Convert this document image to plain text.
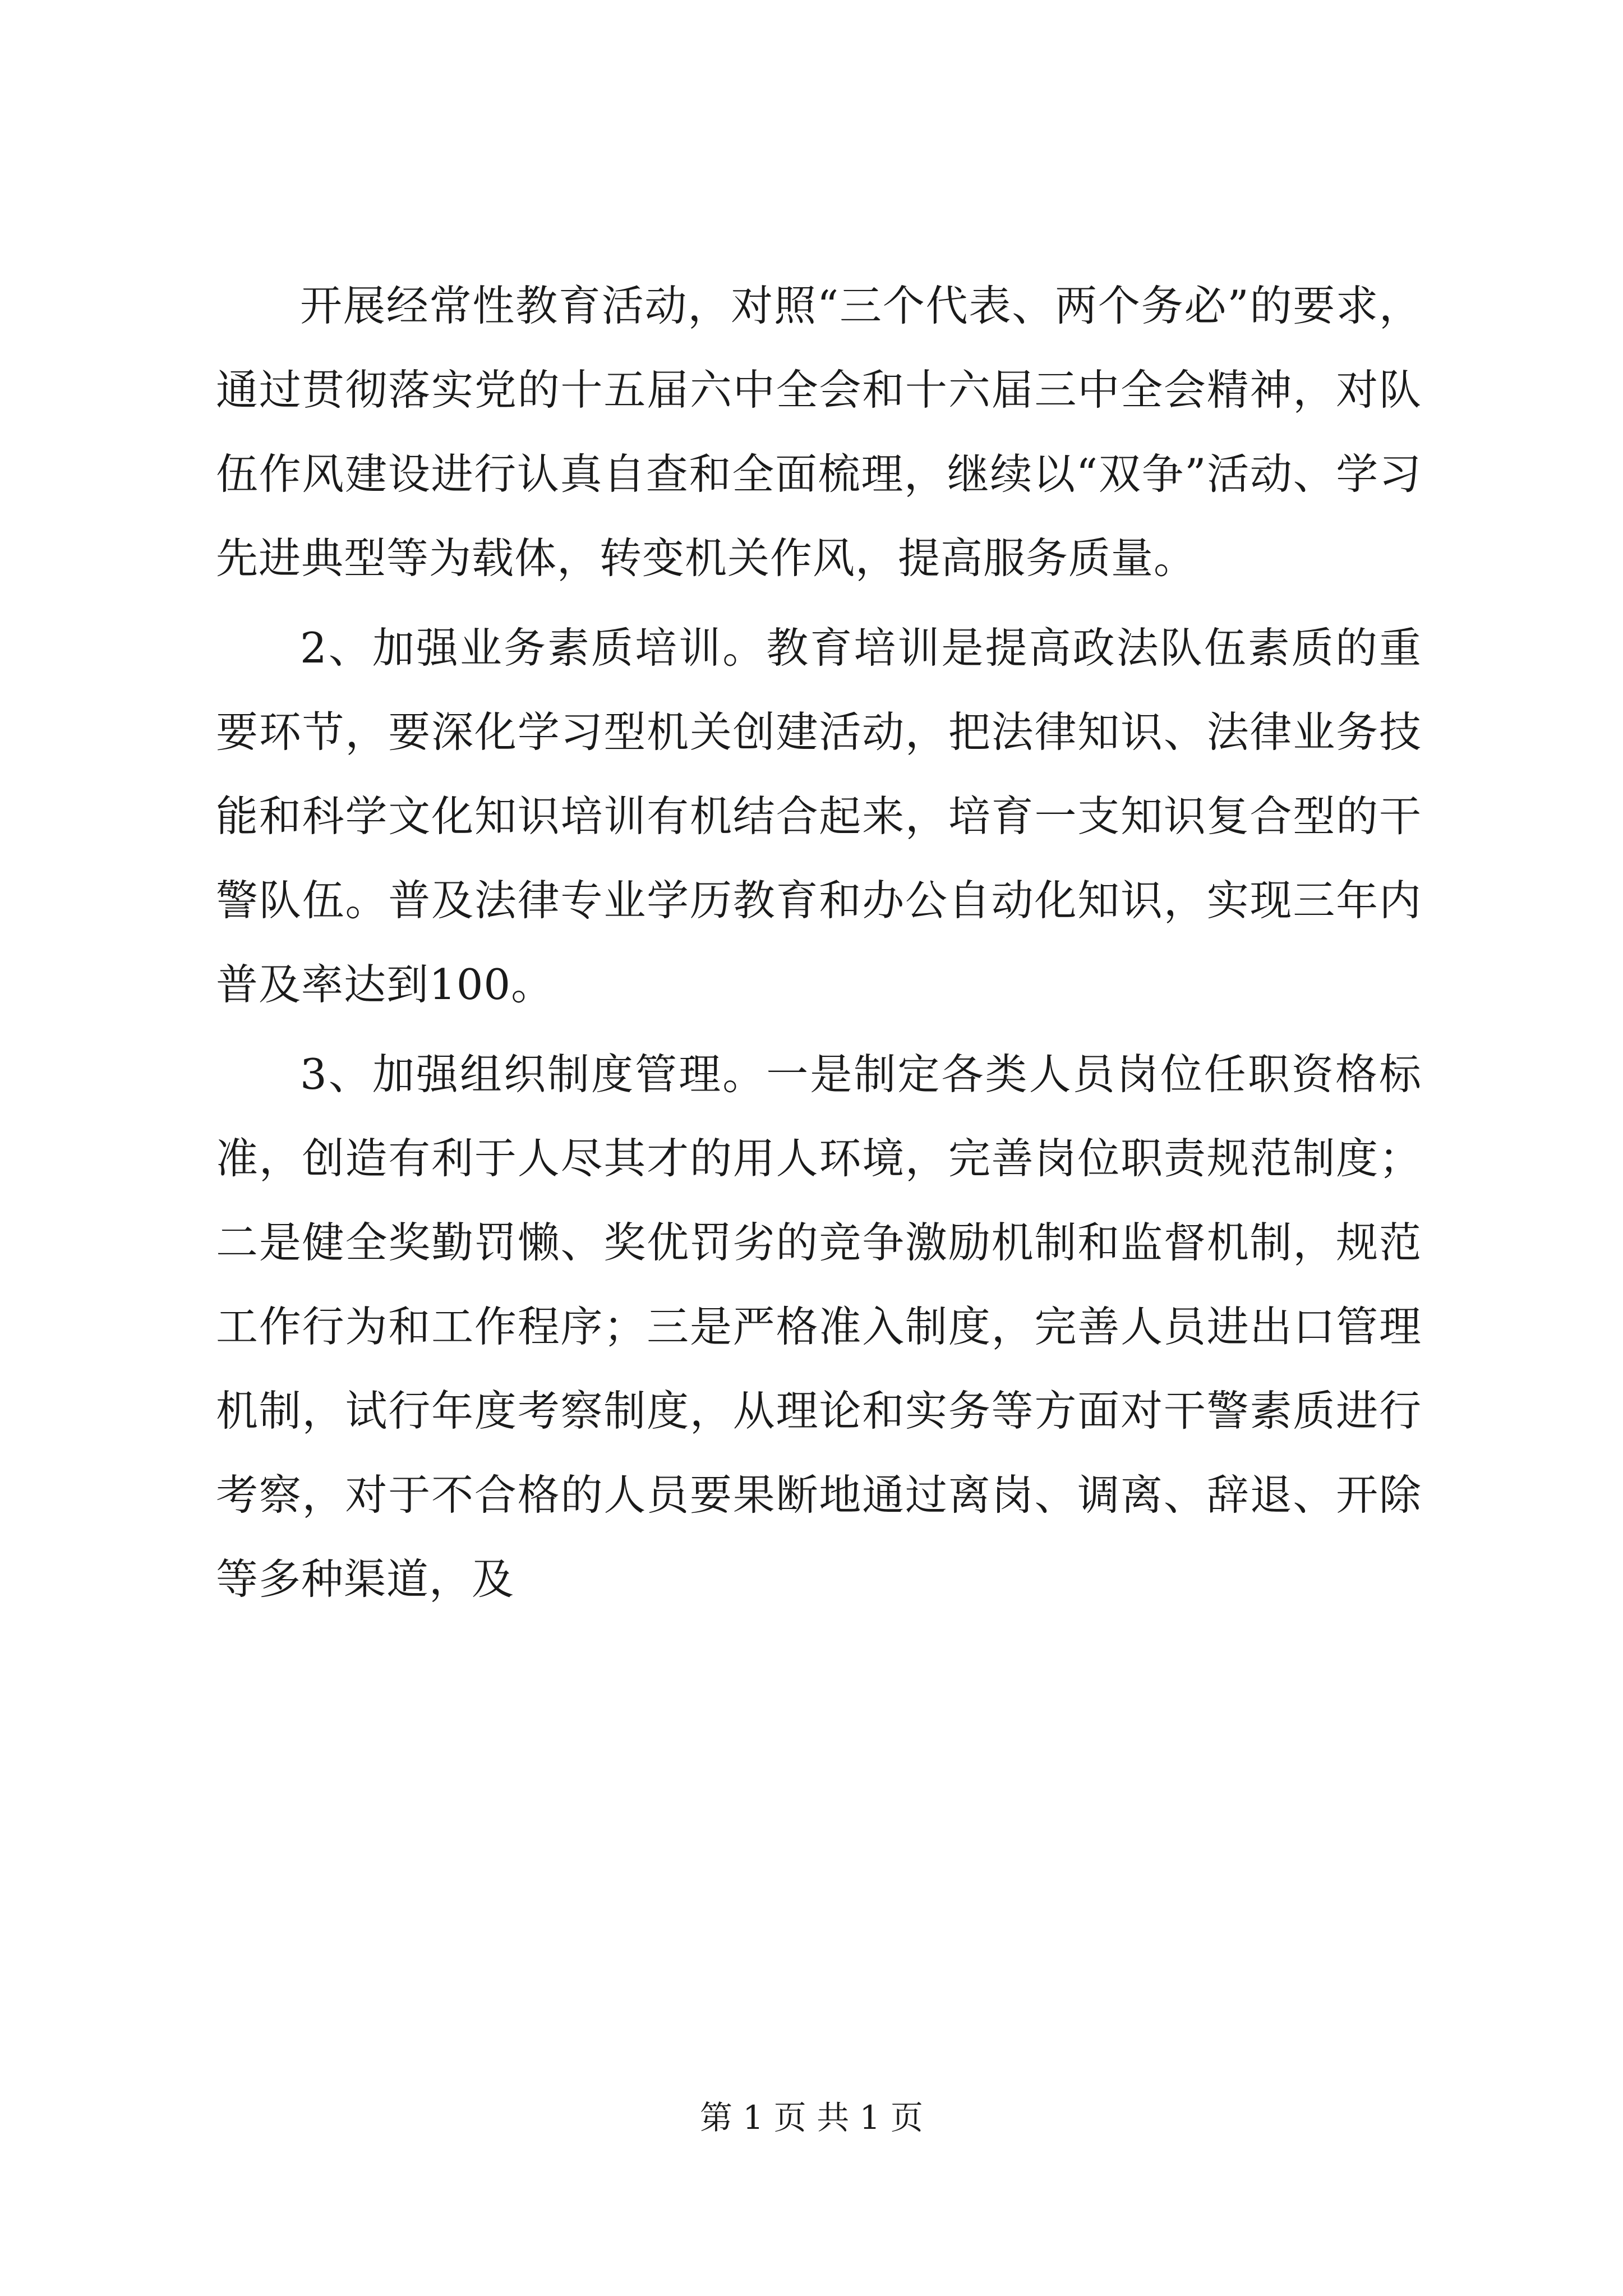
开展经常性教育活动，对照“三个代表、两个务必”的要求，通过贯彻落实党的十五届六中全会和十六届三中全会精神，对队伍作风建设进行认真自查和全面梳理，继续以“双争”活动、学习先进典型等为载体，转变机关作风，提高服务质量。

2、加强业务素质培训。教育培训是提高政法队伍素质的重要环节，要深化学习型机关创建活动，把法律知识、法律业务技能和科学文化知识培训有机结合起来，培育一支知识复合型的干警队伍。普及法律专业学历教育和办公自动化知识，实现三年内普及率达到100。

3、加强组织制度管理。一是制定各类人员岗位任职资格标准，创造有利于人尽其才的用人环境，完善岗位职责规范制度；二是健全奖勤罚懒、奖优罚劣的竞争激励机制和监督机制，规范工作行为和工作程序；三是严格准入制度，完善人员进出口管理机制，试行年度考察制度，从理论和实务等方面对干警素质进行考察，对于不合格的人员要果断地通过离岗、调离、辞退、开除等多种渠道，及

第 1 页 共 1 页
